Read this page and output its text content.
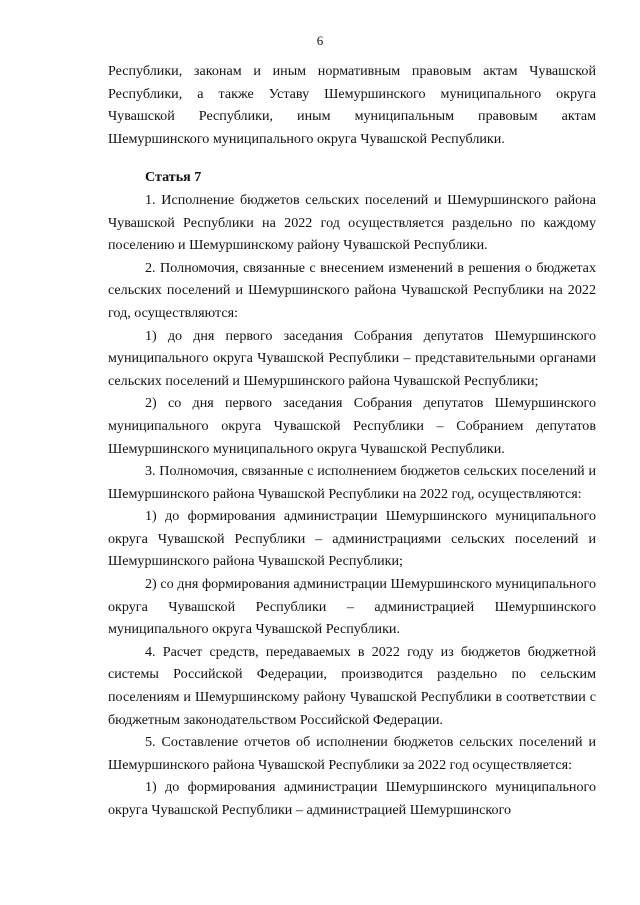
6

Республики, законам и иным нормативным правовым актам Чувашской Республики, а также Уставу Шемуршинского муниципального округа Чувашской Республики, иным муниципальным правовым актам Шемуршинского муниципального округа Чувашской Республики.

Статья 7

1. Исполнение бюджетов сельских поселений и Шемуршинского района Чувашской Республики на 2022 год осуществляется раздельно по каждому поселению и Шемуршинскому району Чувашской Республики.

2. Полномочия, связанные с внесением изменений в решения о бюджетах сельских поселений и Шемуршинского района Чувашской Республики на 2022 год, осуществляются:

1) до дня первого заседания Собрания депутатов Шемуршинского муниципального округа Чувашской Республики – представительными органами сельских поселений и Шемуршинского района Чувашской Республики;

2) со дня первого заседания Собрания депутатов Шемуршинского муниципального округа Чувашской Республики – Собранием депутатов Шемуршинского муниципального округа Чувашской Республики.

3. Полномочия, связанные с исполнением бюджетов сельских поселений и Шемуршинского района Чувашской Республики на 2022 год, осуществляются:

1) до формирования администрации Шемуршинского муниципального округа Чувашской Республики – администрациями сельских поселений и Шемуршинского района Чувашской Республики;

2) со дня формирования администрации Шемуршинского муниципального округа Чувашской Республики – администрацией Шемуршинского муниципального округа Чувашской Республики.

4. Расчет средств, передаваемых в 2022 году из бюджетов бюджетной системы Российской Федерации, производится раздельно по сельским поселениям и Шемуршинскому району Чувашской Республики в соответствии с бюджетным законодательством Российской Федерации.

5. Составление отчетов об исполнении бюджетов сельских поселений и Шемуршинского района Чувашской Республики за 2022 год осуществляется:

1) до формирования администрации Шемуршинского муниципального округа Чувашской Республики – администрацией Шемуршинского
